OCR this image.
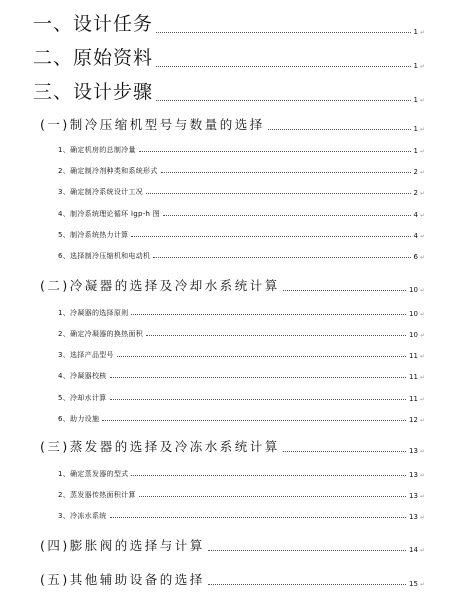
一、设计任务	1 ↵
二、原始资料	1 ↵
三、设计步骤	1 ↵
(一)制冷压缩机型号与数量的选择	1 ↵
1、确定机房的总制冷量	1 ↵
2、确定制冷剂种类和系统形式	2 ↵
3、确定制冷系统设计工况	2 ↵
4、制冷系统理论循环 lgp-h 图	4 ↵
5、制冷系统热力计算	4 ↵
6、选择制冷压缩机和电动机	6 ↵
(二)冷凝器的选择及冷却水系统计算	10 ↵
1、冷凝器的选择原则	10 ↵
2、确定冷凝器的换热面积	10 ↵
3、选择产品型号	11 ↵
4、冷凝器校核	11 ↵
5、冷却水计算	11 ↵
6、助力设施	12 ↵
(三)蒸发器的选择及冷冻水系统计算	13 ↵
1、确定蒸发器的型式	13 ↵
2、蒸发器传热面积计算	13 ↵
3、冷冻水系统	13 ↵
(四)膨胀阀的选择与计算	14 ↵
(五)其他辅助设备的选择	15 ↵
